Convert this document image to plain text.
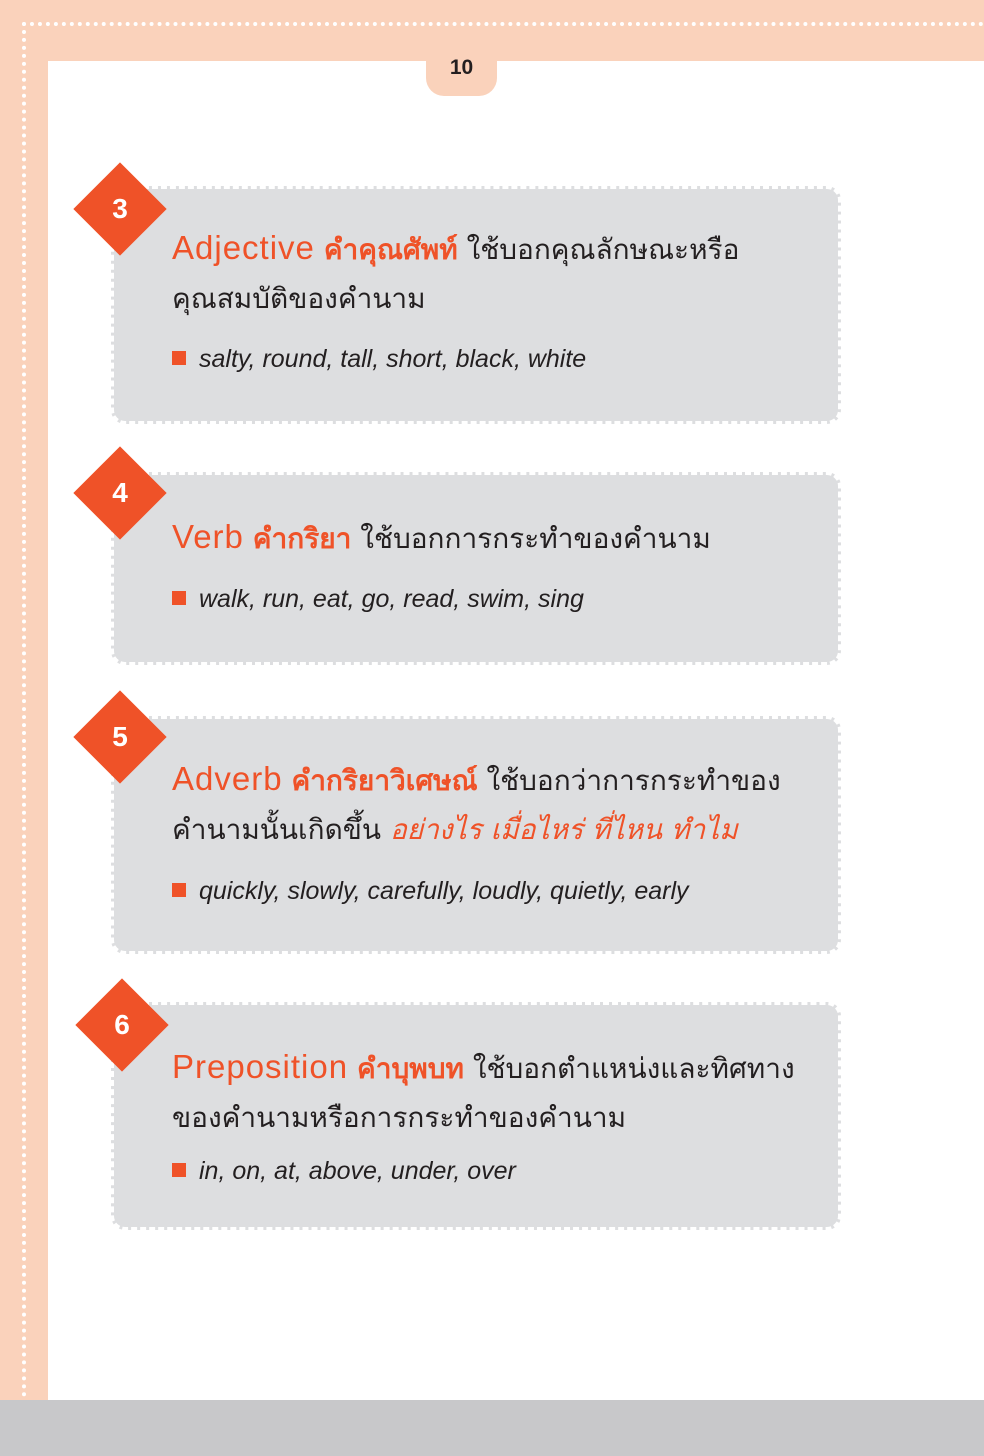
10
Adjective คำคุณศัพท์ ใช้บอกคุณลักษณะหรือคุณสมบัติของคำนาม
salty, round, tall, short, black, white
3
Verb คำกริยา ใช้บอกการกระทำของคำนาม
walk, run, eat, go, read, swim, sing
4
Adverb คำกริยาวิเศษณ์ ใช้บอกว่าการกระทำของคำนามนั้นเกิดขึ้น อย่างไร เมื่อไหร่ ที่ไหน ทำไม
quickly, slowly, carefully, loudly, quietly, early
5
Preposition คำบุพบท ใช้บอกตำแหน่งและทิศทางของคำนามหรือการกระทำของคำนาม
in, on, at, above, under, over
6
